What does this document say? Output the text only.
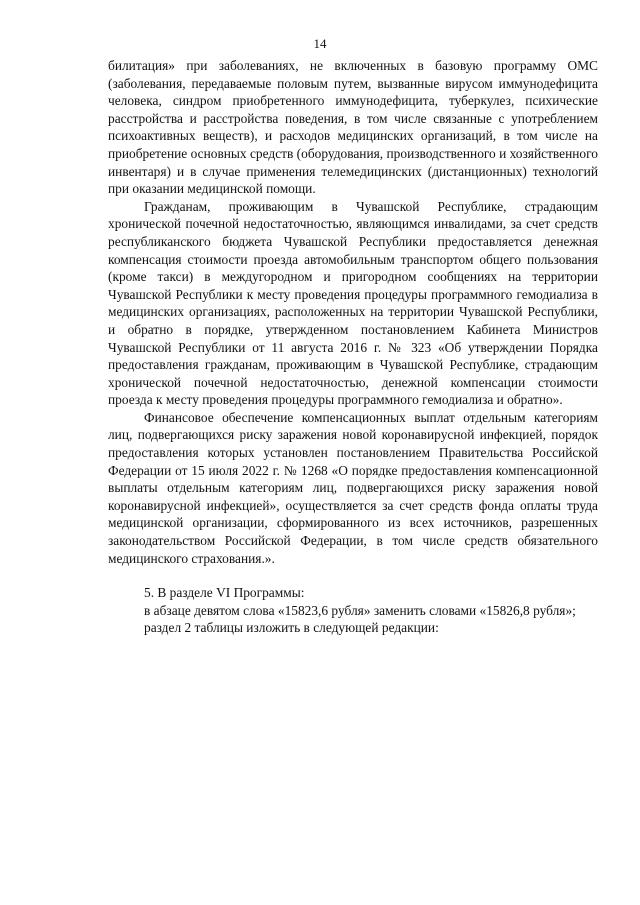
14

билитация» при заболеваниях, не включенных в базовую программу ОМС (заболевания, передаваемые половым путем, вызванные вирусом иммунодефицита человека, синдром приобретенного иммунодефицита, туберкулез, психические расстройства и расстройства поведения, в том числе связанные с употреблением психоактивных веществ), и расходов медицинских организаций, в том числе на приобретение основных средств (оборудования, производственного и хозяйственного инвентаря) и в случае применения телемедицинских (дистанционных) технологий при оказании медицинской помощи.

Гражданам, проживающим в Чувашской Республике, страдающим хронической почечной недостаточностью, являющимся инвалидами, за счет средств республиканского бюджета Чувашской Республики предоставляется денежная компенсация стоимости проезда автомобильным транспортом общего пользования (кроме такси) в междугородном и пригородном сообщениях на территории Чувашской Республики к месту проведения процедуры программного гемодиализа в медицинских организациях, расположенных на территории Чувашской Республики, и обратно в порядке, утвержденном постановлением Кабинета Министров Чувашской Республики от 11 августа 2016 г. № 323 «Об утверждении Порядка предоставления гражданам, проживающим в Чувашской Республике, страдающим хронической почечной недостаточностью, денежной компенсации стоимости проезда к месту проведения процедуры программного гемодиализа и обратно».

Финансовое обеспечение компенсационных выплат отдельным категориям лиц, подвергающихся риску заражения новой коронавирусной инфекцией, порядок предоставления которых установлен постановлением Правительства Российской Федерации от 15 июля 2022 г. № 1268 «О порядке предоставления компенсационной выплаты отдельным категориям лиц, подвергающихся риску заражения новой коронавирусной инфекцией», осуществляется за счет средств фонда оплаты труда медицинской организации, сформированного из всех источников, разрешенных законодательством Российской Федерации, в том числе средств обязательного медицинского страхования.».

5. В разделе VI Программы:

в абзаце девятом слова «15823,6 рубля» заменить словами «15826,8 рубля»;

раздел 2 таблицы изложить в следующей редакции:
